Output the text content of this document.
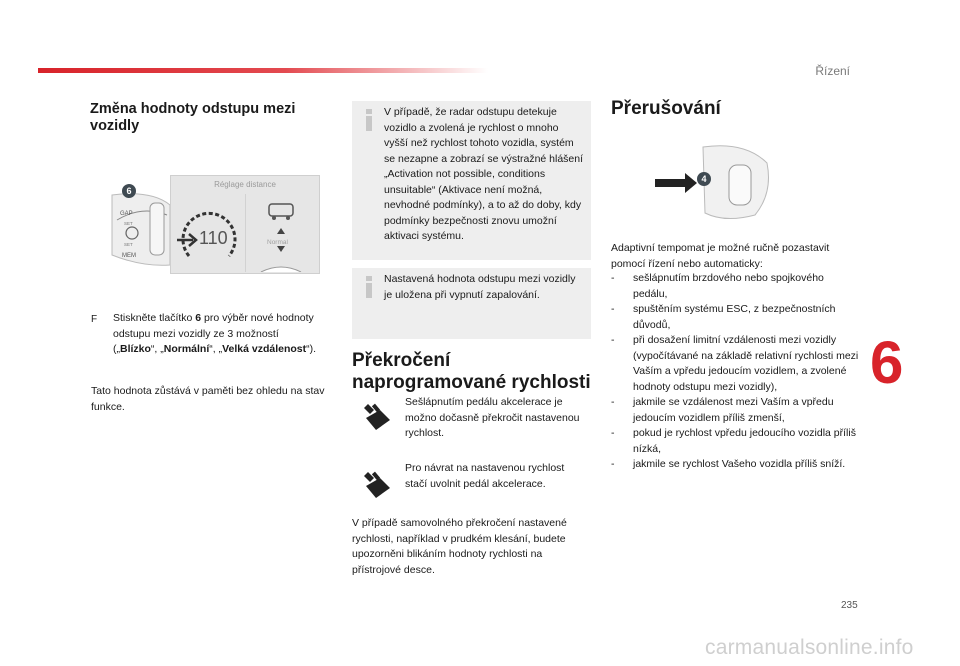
Řízení
Změna hodnoty odstupu mezi vozidly
GAP
SET
SET
MEM
6
Réglage distance
110	Normal
F Stiskněte tlačítko 6 pro výběr nové hodnoty odstupu mezi vozidly ze 3 možností („Blízko“, „Normální“, „Velká vzdálenost“).

Tato hodnota zůstává v paměti bez ohledu na stav funkce.

V případě, že radar odstupu detekuje vozidlo a zvolená je rychlost o mnoho vyšší než rychlost tohoto vozidla, systém se nezapne a zobrazí se výstražné hlášení „Activation not possible, conditions unsuitable“ (Aktivace není možná, nevhodné podmínky), a to až do doby, kdy podmínky bezpečnosti znovu umožní aktivaci systému.
Nastavená hodnota odstupu mezi vozidly je uložena při vypnutí zapalování.
Překročení naprogramované rychlosti

Sešlápnutím pedálu akcelerace je možno dočasně překročit nastavenou rychlost.

Pro návrat na nastavenou rychlost stačí uvolnit pedál akcelerace.

V případě samovolného překročení nastavené rychlosti, například v prudkém klesání, budete upozorněni blikáním hodnoty rychlosti na přístrojové desce.

Přerušování
4

Adaptivní tempomat je možné ručně pozastavit pomocí řízení nebo automaticky:

- sešlápnutím brzdového nebo spojkového pedálu,
- spuštěním systému ESC, z bezpečnostních důvodů,
- při dosažení limitní vzdálenosti mezi vozidly (vypočítávané na základě relativní rychlosti mezi Vaším a vpředu jedoucím vozidlem, a zvolené hodnoty odstupu mezi vozidly),
- jakmile se vzdálenost mezi Vaším a vpředu jedoucím vozidlem příliš zmenší,
- pokud je rychlost vpředu jedoucího vozidla příliš nízká,
- jakmile se rychlost Vašeho vozidla příliš sníží.
6
235
carmanualsonline.info
